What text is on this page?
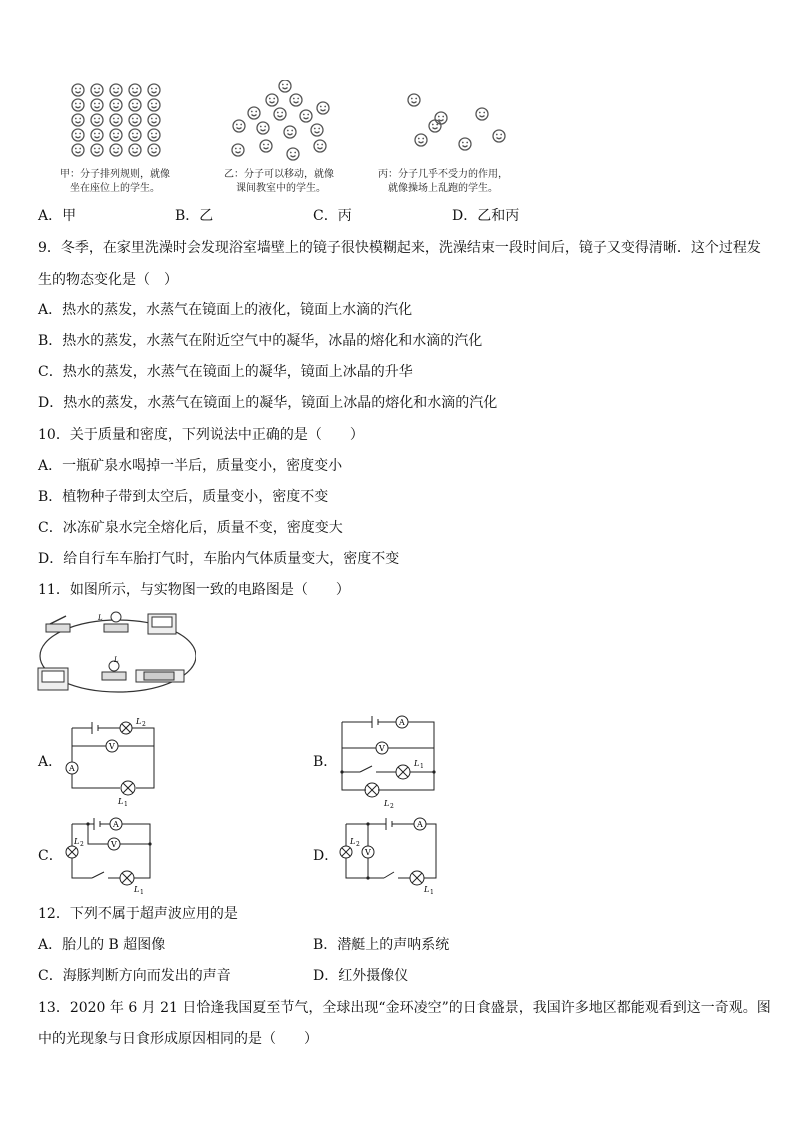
甲：分子排列规则，就像
坐在座位上的学生。
乙：分子可以移动，就像
课间教室中的学生。
丙：分子几乎不受力的作用，
就像操场上乱跑的学生。
A．甲	B．乙	C．丙	D．乙和丙
9．冬季，在家里洗澡时会发现浴室墙壁上的镜子很快模糊起来，洗澡结束一段时间后，镜子又变得清晰．这个过程发
生的物态变化是（　）
A．热水的蒸发，水蒸气在镜面上的液化，镜面上水滴的汽化
B．热水的蒸发，水蒸气在附近空气中的凝华，冰晶的熔化和水滴的汽化
C．热水的蒸发，水蒸气在镜面上的凝华，镜面上冰晶的升华
D．热水的蒸发，水蒸气在镜面上的凝华，镜面上冰晶的熔化和水滴的汽化
10．关于质量和密度，下列说法中正确的是（　　）
A．一瓶矿泉水喝掉一半后，质量变小，密度变小
B．植物种子带到太空后，质量变小，密度不变
C．冰冻矿泉水完全熔化后，质量不变，密度变大
D．给自行车车胎打气时，车胎内气体质量变大，密度不变
11．如图所示，与实物图一致的电路图是（　　）
L
L
A．
V
A
L 2
L 1
B．
A
V
L 1
L 2
C．
A
V
L 2
L 1
D．
A
V
L 2
L 1
12．下列不属于超声波应用的是
A．胎儿的 B 超图像	B．潜艇上的声呐系统
C．海豚判断方向而发出的声音	D．红外摄像仪
13．2020 年 6 月 21 日恰逢我国夏至节气，全球出现“金环凌空”的日食盛景，我国许多地区都能观看到这一奇观。图
中的光现象与日食形成原因相同的是（　　）
